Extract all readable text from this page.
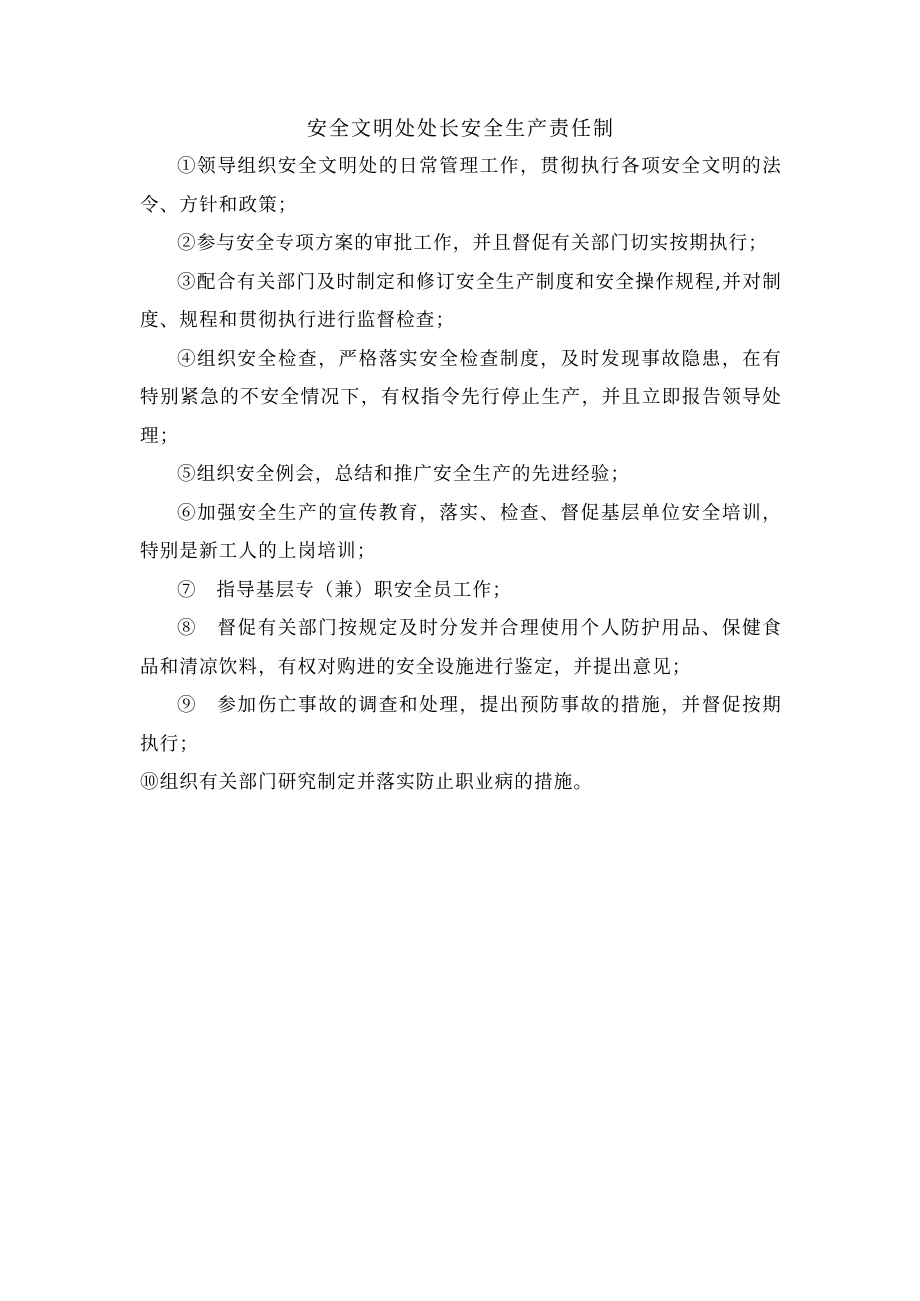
安全文明处处长安全生产责任制

①领导组织安全文明处的日常管理工作，贯彻执行各项安全文明的法令、方针和政策；

②参与安全专项方案的审批工作，并且督促有关部门切实按期执行；

③配合有关部门及时制定和修订安全生产制度和安全操作规程,并对制度、规程和贯彻执行进行监督检查；

④组织安全检查，严格落实安全检查制度，及时发现事故隐患，在有特别紧急的不安全情况下，有权指令先行停止生产，并且立即报告领导处理；

⑤组织安全例会，总结和推广安全生产的先进经验；

⑥加强安全生产的宣传教育，落实、检查、督促基层单位安全培训，特别是新工人的上岗培训；

⑦　指导基层专（兼）职安全员工作；

⑧　督促有关部门按规定及时分发并合理使用个人防护用品、保健食品和清凉饮料，有权对购进的安全设施进行鉴定，并提出意见；

⑨　参加伤亡事故的调查和处理，提出预防事故的措施，并督促按期执行；

⑩组织有关部门研究制定并落实防止职业病的措施。
